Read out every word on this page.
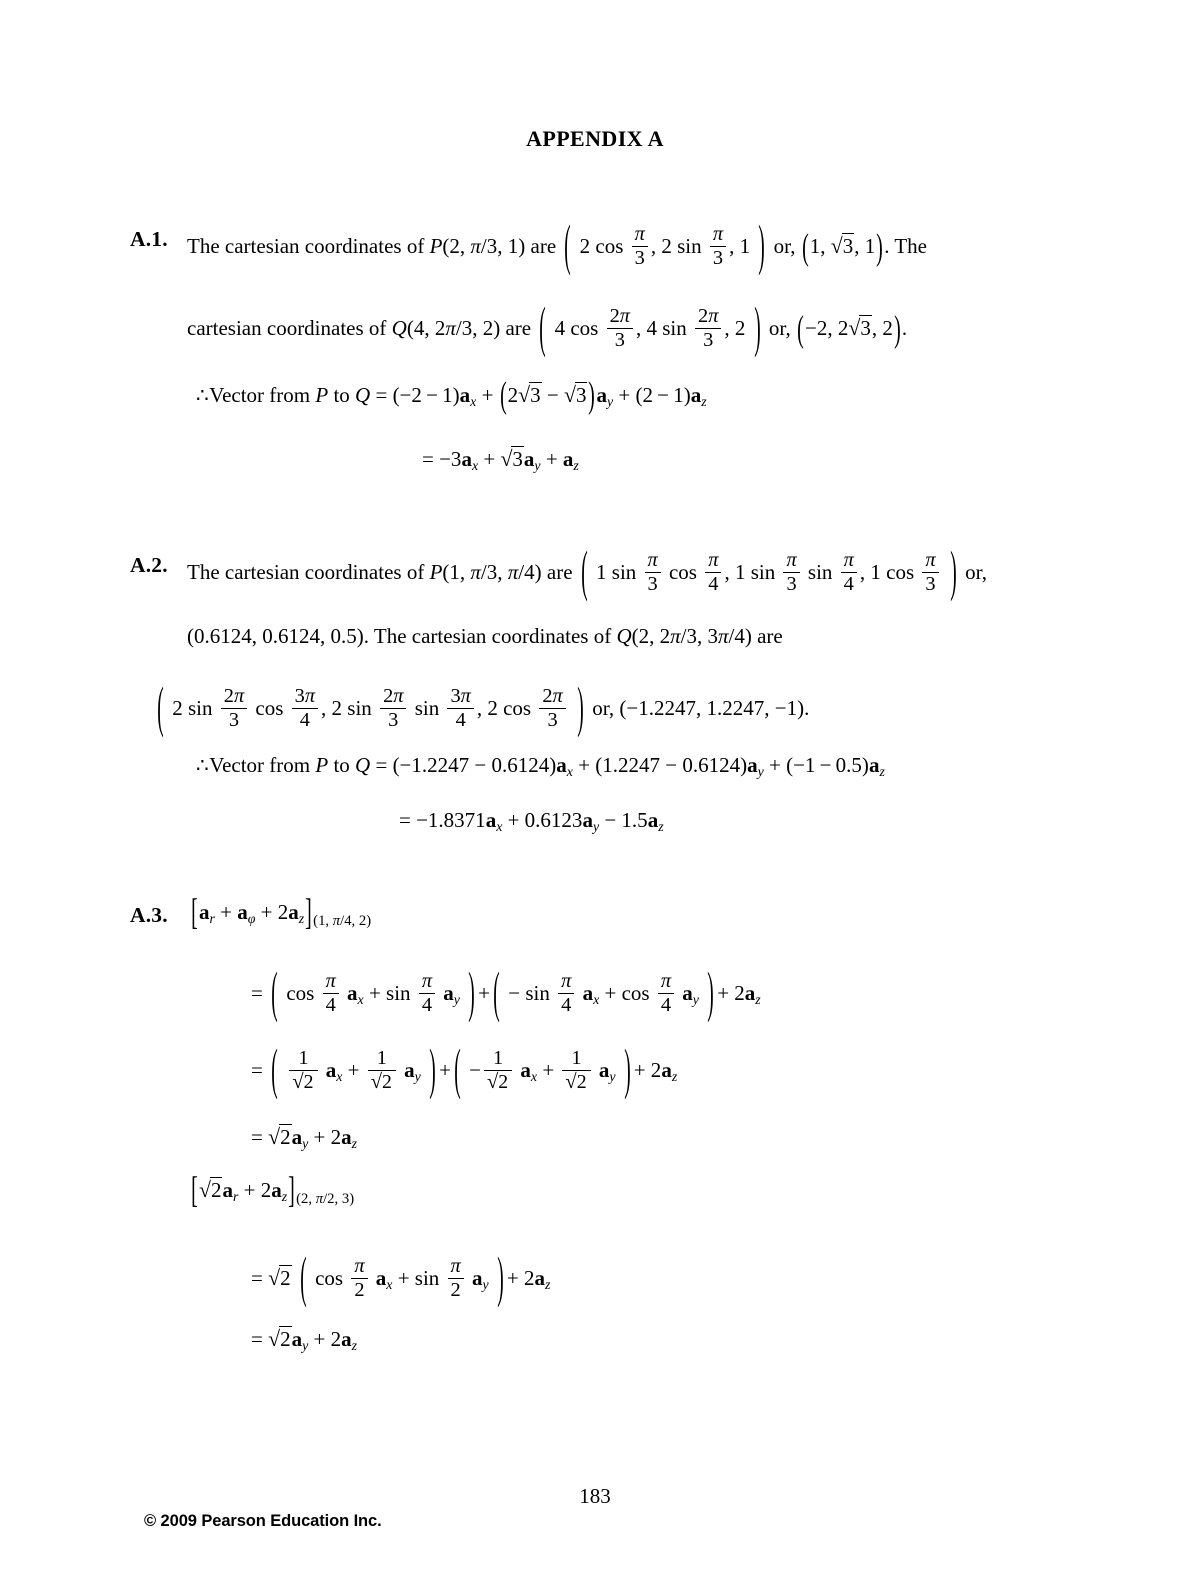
APPENDIX A
A.1. The cartesian coordinates of P(2, π/3, 1) are ( 2 $\cos \frac{\pi}{3}$ , 2 $\sin \frac{\pi}{3}$ , 1 ) or, (1, √3, 1). The
cartesian coordinates of Q(4, 2π/3, 2) are ( 4 $\cos \frac{2\pi}{3}$ , 4 $\sin \frac{2\pi}{3}$ , 2 ) or, (−2, 2√3, 2).
∴Vector from P to $Q = (-2 - 1)a_x + (2√3 - √3$ )$a_y + (2 - 1)a_z$
= $-3a_x + √3a_y + a_z$
A.2. The cartesian coordinates of P(1, π/3, π/4) are ( 1 $\sin \frac{\pi}{3}$ $\cos \frac{\pi}{4}$ , 1 $\sin \frac{\pi}{3}$ $\sin \frac{\pi}{4}$ , 1 $\cos \frac{\pi}{3}$ ) or,
(0.6124, 0.6124, 0.5). The cartesian coordinates of Q(2, 2π/3, 3π/4) are
( 2 $\sin \frac{2\pi}{3}$ $\cos \frac{3\pi}{4}$ , 2 $\sin \frac{2\pi}{3}$ $\sin \frac{3\pi}{4}$ , 2 $\cos \frac{2\pi}{3}$ ) or, (−1.2247, 1.2247, −1).
∴Vector from P to $Q = (-1.2247 - 0.6124)a_x + (1.2247 - 0.6124)a_y + (-1 - 0.5)a_z$
= $-1.8371a_x + 0.6123a_y - 1.5a_z$
A.3. $[a_r + a_\varphi + 2a_z]_{(1, \pi/4, 2)}$
= ( $\cos \frac{\pi}{4} a_x + \sin \frac{\pi}{4} a_y$ ) + ( − $\sin \frac{\pi}{4} a_x + \cos \frac{\pi}{4} a_y$ ) + $2a_z$
= ( $\frac{1}{√2} a_x + \frac{1}{√2} a_y$ ) + ( − $\frac{1}{√2} a_x + \frac{1}{√2} a_y$ ) + $2a_z$
= $√2a_y + 2a_z$
$[√2a_r + 2a_z]_{(2, \pi/2, 3)}$
= √2 ( $\cos \frac{\pi}{2} a_x + \sin \frac{\pi}{2} a_y$ ) + $2a_z$
= $√2a_y + 2a_z$
183
© 2009 Pearson Education Inc.
